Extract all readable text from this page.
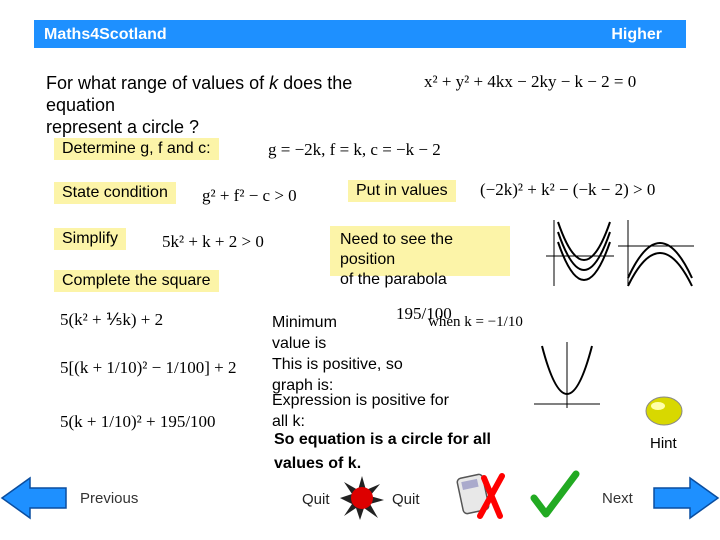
Maths4Scotland	Higher
For what range of values of k does the
equation
represent a circle ?
x² + y² + 4kx − 2ky − k − 2 = 0
Determine g, f and c:	g = −2k, f = k, c = −k − 2
State condition	g² + f² − c > 0	Put in values	(−2k)² + k² − (−k − 2) > 0
Simplify	5k² + k + 2 > 0	Need to see the
position
of the parabola
Complete the square
5(k² + ⅕k) + 2
5[(k + 1/10)² − 1/100] + 2
5(k + 1/10)² + 195/100
Minimum
value is
This is positive, so
graph is:
195/100
when k = −1/10
Expression is positive for
all k:
So equation is a circle for all
values of k.
Hint
Previous	Quit	Quit	Next
